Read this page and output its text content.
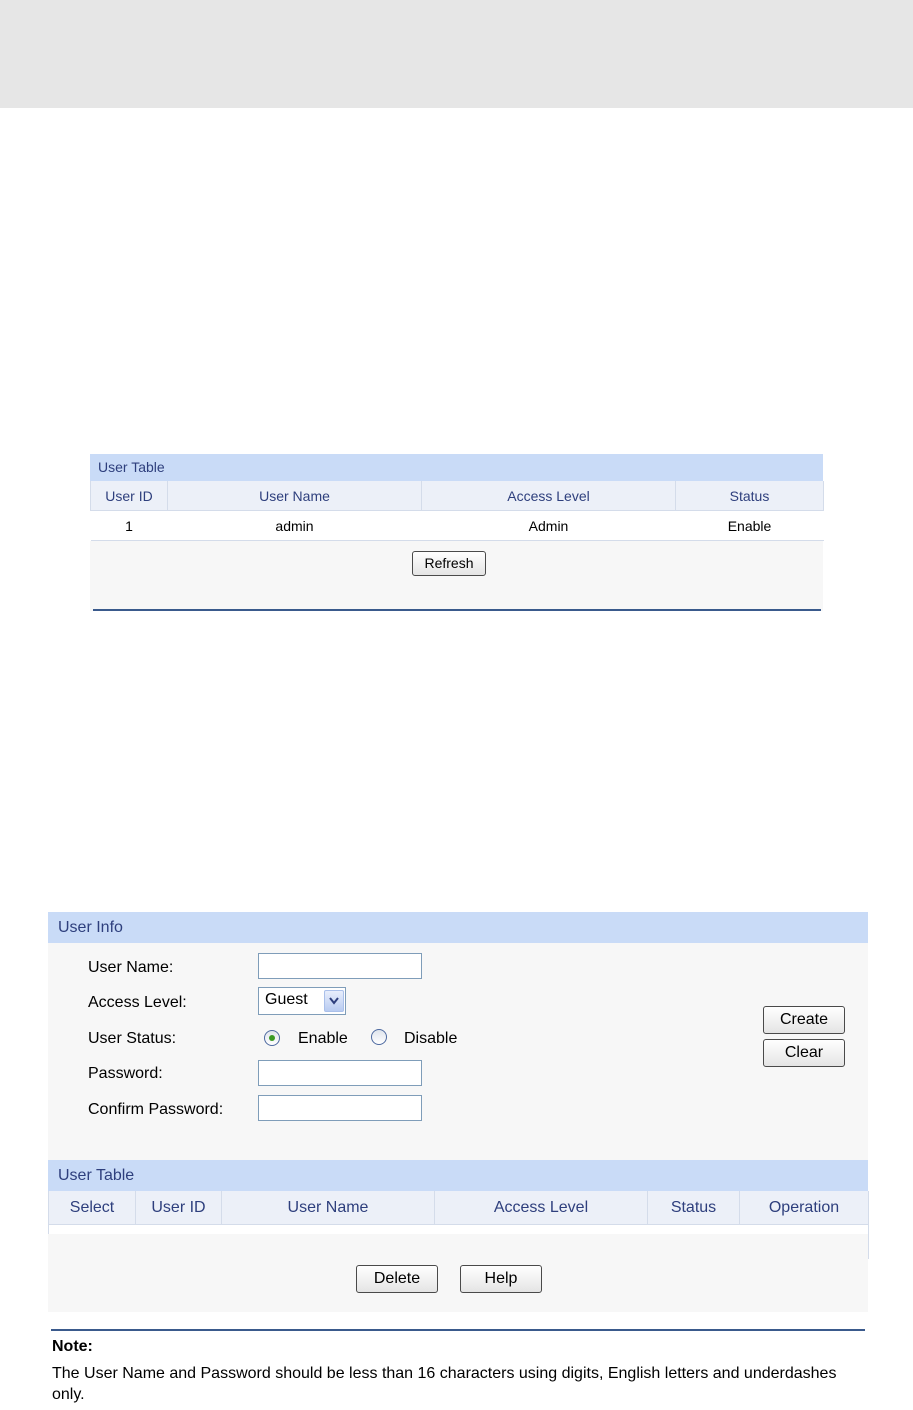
User Table
User ID	User Name	Access Level	Status
1	admin	Admin	Enable
Refresh
User Info
User Name:
Access Level:	Guest
User Status:	Enable	Disable
Password:
Confirm Password:
Create
Clear
User Table
Select	User ID	User Name	Access Level	Status	Operation

Delete	Help
Note:
The User Name and Password should be less than 16 characters using digits, English letters and underdashes only.
